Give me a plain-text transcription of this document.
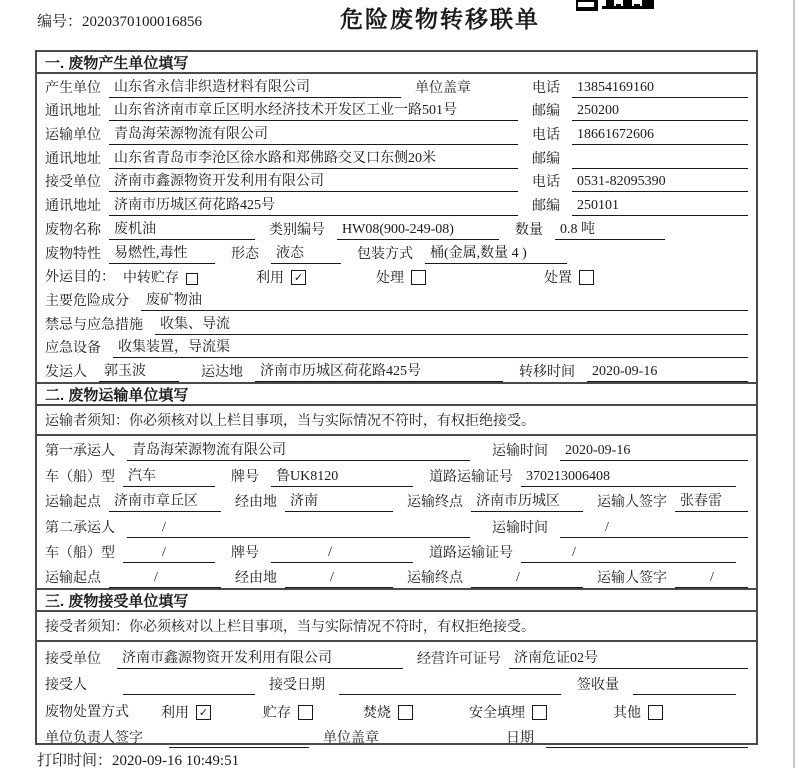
编号：2020370100016856	危险废物转移联单
一. 废物产生单位填写
产生单位 山东省永信非织造材料有限公司	单位盖章	电话	13854169160
通讯地址 山东省济南市章丘区明水经济技术开发区工业一路501号	邮编	250200
运输单位 青岛海荣源物流有限公司	电话	18661672606
通讯地址 山东省青岛市李沧区徐水路和郑佛路交叉口东侧20米	邮编
接受单位 济南市鑫源物资开发利用有限公司	电话	0531-82095390
通讯地址 济南市历城区荷花路425号	邮编	250101
废物名称 废机油	类别编号	HW08(900-249-08)	数量	0.8 吨
废物特性 易燃性,毒性	形态	液态	包装方式	桶(金属,数量 4 )
外运目的： 中转贮存	利用 ✓	处理	处置
主要危险成分	废矿物油
禁忌与应急措施	收集、导流
应急设备	收集装置，导流渠
发运人	郭玉波	运达地	济南市历城区荷花路425号	转移时间	2020-09-16
二. 废物运输单位填写
运输者须知：你必须核对以上栏目事项，当与实际情况不符时，有权拒绝接受。
第一承运人	青岛海荣源物流有限公司	运输时间	2020-09-16
车（船）型 汽车	牌号	鲁UK8120	道路运输证号 370213006408
运输起点 济南市章丘区	经由地 济南	运输终点 济南市历城区	运输人签字 张春雷
第二承运人	/	运输时间	/
车（船）型	/	牌号	/	道路运输证号	/
运输起点	/	经由地	/	运输终点	/	运输人签字	/
三. 废物接受单位填写
接受者须知：你必须核对以上栏目事项，当与实际情况不符时，有权拒绝接受。
接受单位	济南市鑫源物资开发利用有限公司	经营许可证号 济南危证02号
接受人	接受日期	签收量
废物处置方式 利用 ✓	贮存	焚烧	安全填埋	其他
单位负责人签字	单位盖章	日期
打印时间：2020-09-16 10:49:51
